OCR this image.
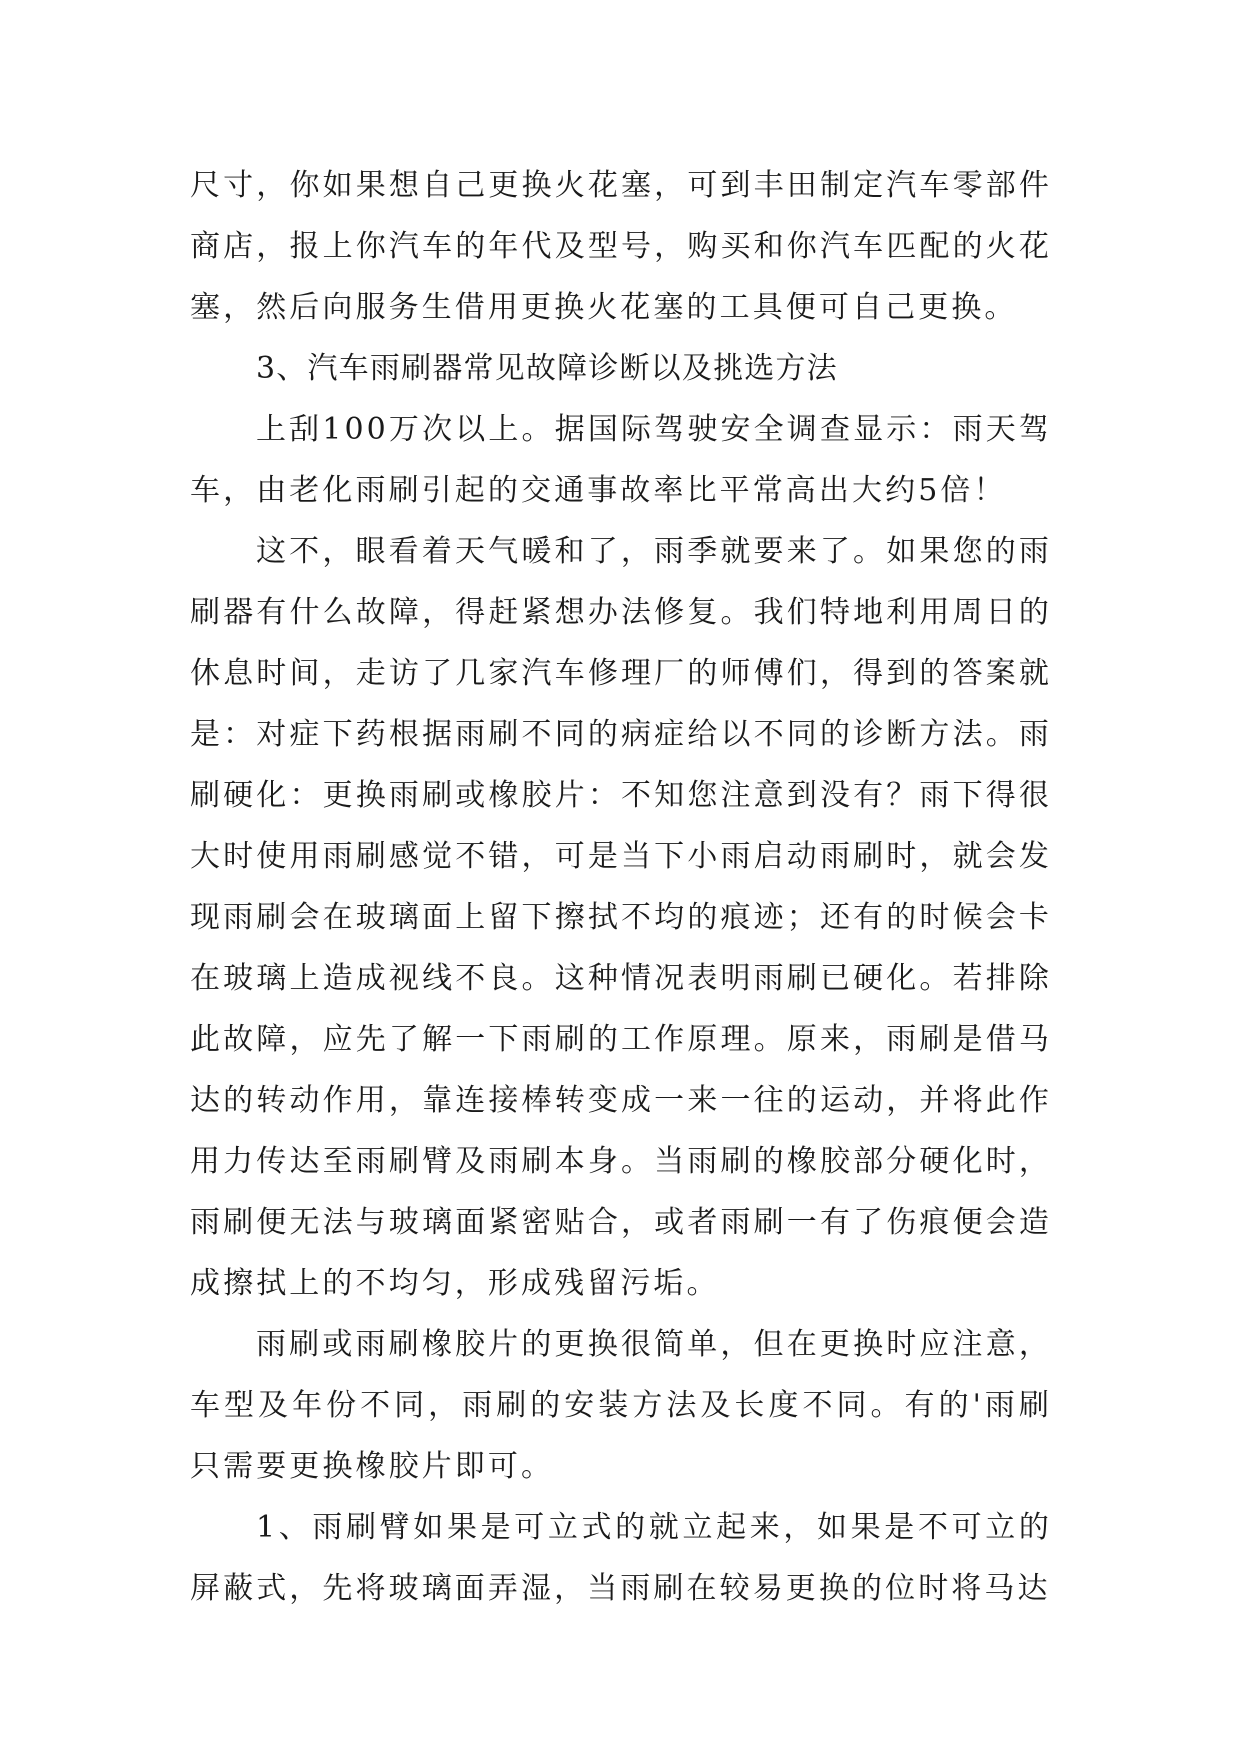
尺寸，你如果想自己更换火花塞，可到丰田制定汽车零部件商店，报上你汽车的年代及型号，购买和你汽车匹配的火花塞，然后向服务生借用更换火花塞的工具便可自己更换。

3、汽车雨刷器常见故障诊断以及挑选方法

上刮100万次以上。据国际驾驶安全调查显示：雨天驾车，由老化雨刷引起的交通事故率比平常高出大约5倍！

这不，眼看着天气暖和了，雨季就要来了。如果您的雨刷器有什么故障，得赶紧想办法修复。我们特地利用周日的休息时间，走访了几家汽车修理厂的师傅们，得到的答案就是：对症下药根据雨刷不同的病症给以不同的诊断方法。雨刷硬化：更换雨刷或橡胶片：不知您注意到没有？雨下得很大时使用雨刷感觉不错，可是当下小雨启动雨刷时，就会发现雨刷会在玻璃面上留下擦拭不均的痕迹；还有的时候会卡在玻璃上造成视线不良。这种情况表明雨刷已硬化。若排除此故障，应先了解一下雨刷的工作原理。原来，雨刷是借马达的转动作用，靠连接棒转变成一来一往的运动，并将此作用力传达至雨刷臂及雨刷本身。当雨刷的橡胶部分硬化时，雨刷便无法与玻璃面紧密贴合，或者雨刷一有了伤痕便会造成擦拭上的不均匀，形成残留污垢。

雨刷或雨刷橡胶片的更换很简单，但在更换时应注意，车型及年份不同，雨刷的安装方法及长度不同。有的'雨刷只需要更换橡胶片即可。

1、雨刷臂如果是可立式的就立起来，如果是不可立的屏蔽式，先将玻璃面弄湿，当雨刷在较易更换的位时将马达
